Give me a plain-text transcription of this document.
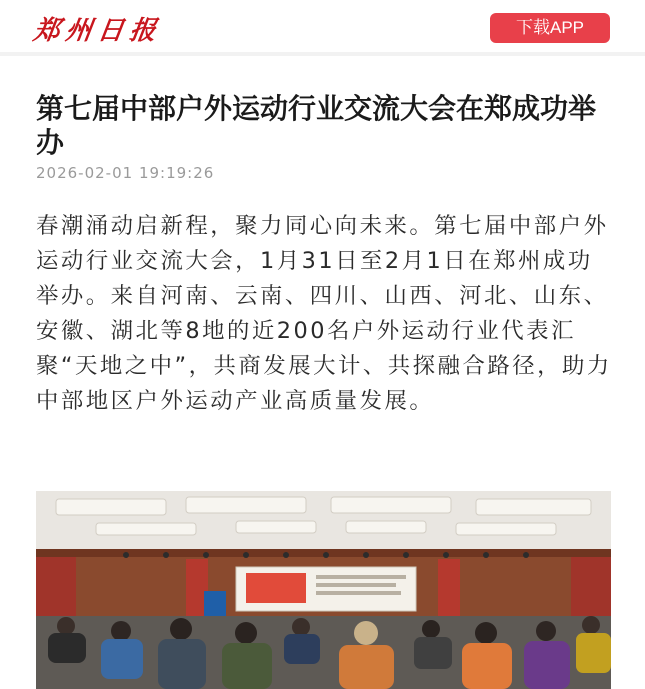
郑州日报	下载APP
第七届中部户外运动行业交流大会在郑成功举办
2026-02-01 19:19:26
春潮涌动启新程，聚力同心向未来。第七届中部户外运动行业交流大会，1月31日至2月1日在郑州成功举办。来自河南、云南、四川、山西、河北、山东、安徽、湖北等8地的近200名户外运动行业代表汇聚“天地之中”，共商发展大计、共探融合路径，助力中部地区户外运动产业高质量发展。
